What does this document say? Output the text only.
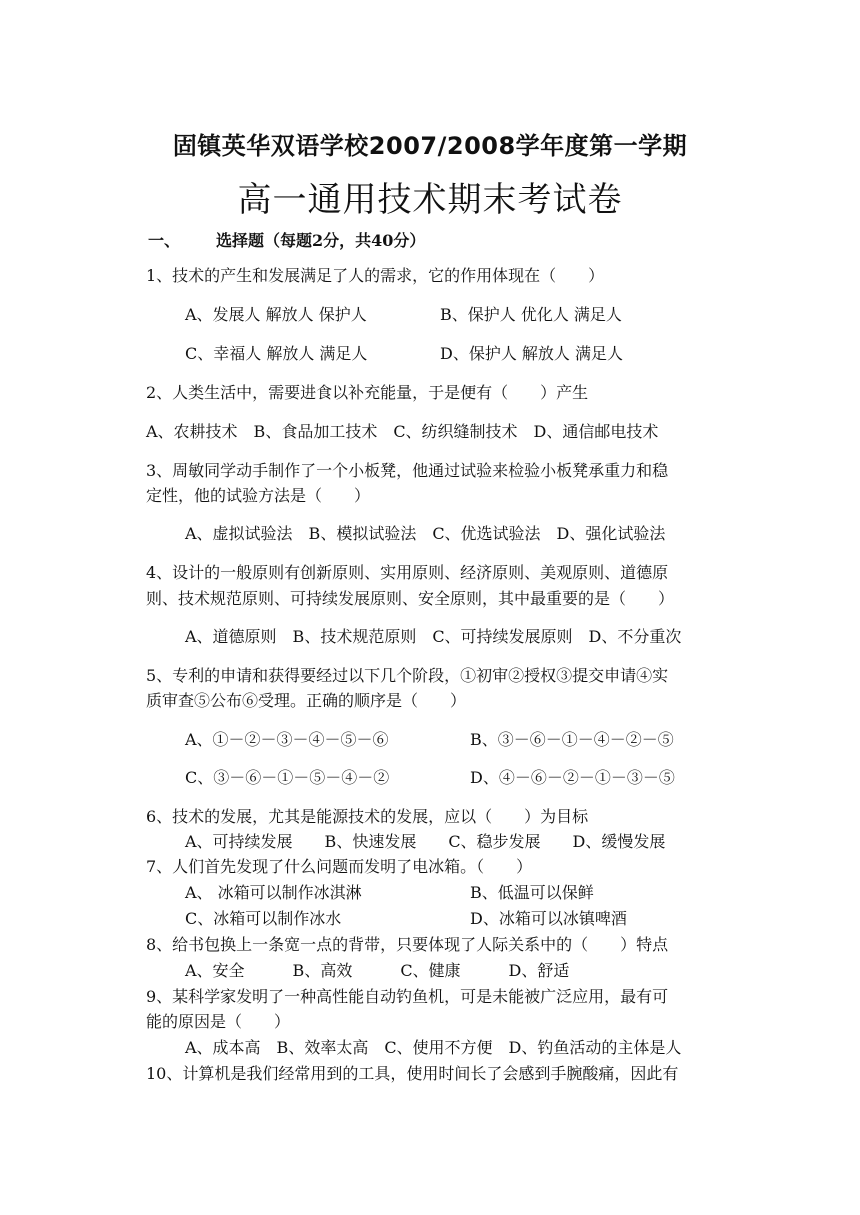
固镇英华双语学校2007/2008学年度第一学期
高一通用技术期末考试卷
一、 选择题（每题2分，共40分）
1、技术的产生和发展满足了人的需求，它的作用体现在（　　）
A、发展人 解放人 保护人	B、保护人 优化人 满足人
C、幸福人 解放人 满足人	D、保护人 解放人 满足人
2、人类生活中，需要进食以补充能量，于是便有（　　）产生
A、农耕技术　B、食品加工技术　C、纺织缝制技术　D、通信邮电技术
3、周敏同学动手制作了一个小板凳，他通过试验来检验小板凳承重力和稳
定性，他的试验方法是（　　）
A、虚拟试验法　B、模拟试验法　C、优选试验法　D、强化试验法
4、设计的一般原则有创新原则、实用原则、经济原则、美观原则、道德原
则、技术规范原则、可持续发展原则、安全原则，其中最重要的是（　　）
A、道德原则　B、技术规范原则　C、可持续发展原则　D、不分重次
5、专利的申请和获得要经过以下几个阶段，①初审②授权③提交申请④实
质审查⑤公布⑥受理。正确的顺序是（　　）
A、①－②－③－④－⑤－⑥	B、③－⑥－①－④－②－⑤
C、③－⑥－①－⑤－④－②	D、④－⑥－②－①－③－⑤
6、技术的发展，尤其是能源技术的发展，应以（　　）为目标
A、可持续发展　　B、快速发展　　C、稳步发展　　D、缓慢发展
7、人们首先发现了什么问题而发明了电冰箱。（　　）
A、 冰箱可以制作冰淇淋	B、低温可以保鲜
C、冰箱可以制作冰水	D、冰箱可以冰镇啤酒
8、给书包换上一条宽一点的背带，只要体现了人际关系中的（　　）特点
A、安全　　　B、高效　　　C、健康　　　D、舒适
9、某科学家发明了一种高性能自动钓鱼机，可是未能被广泛应用，最有可
能的原因是（　　）
A、成本高　B、效率太高　C、使用不方便　D、钓鱼活动的主体是人
10、计算机是我们经常用到的工具，使用时间长了会感到手腕酸痛，因此有
